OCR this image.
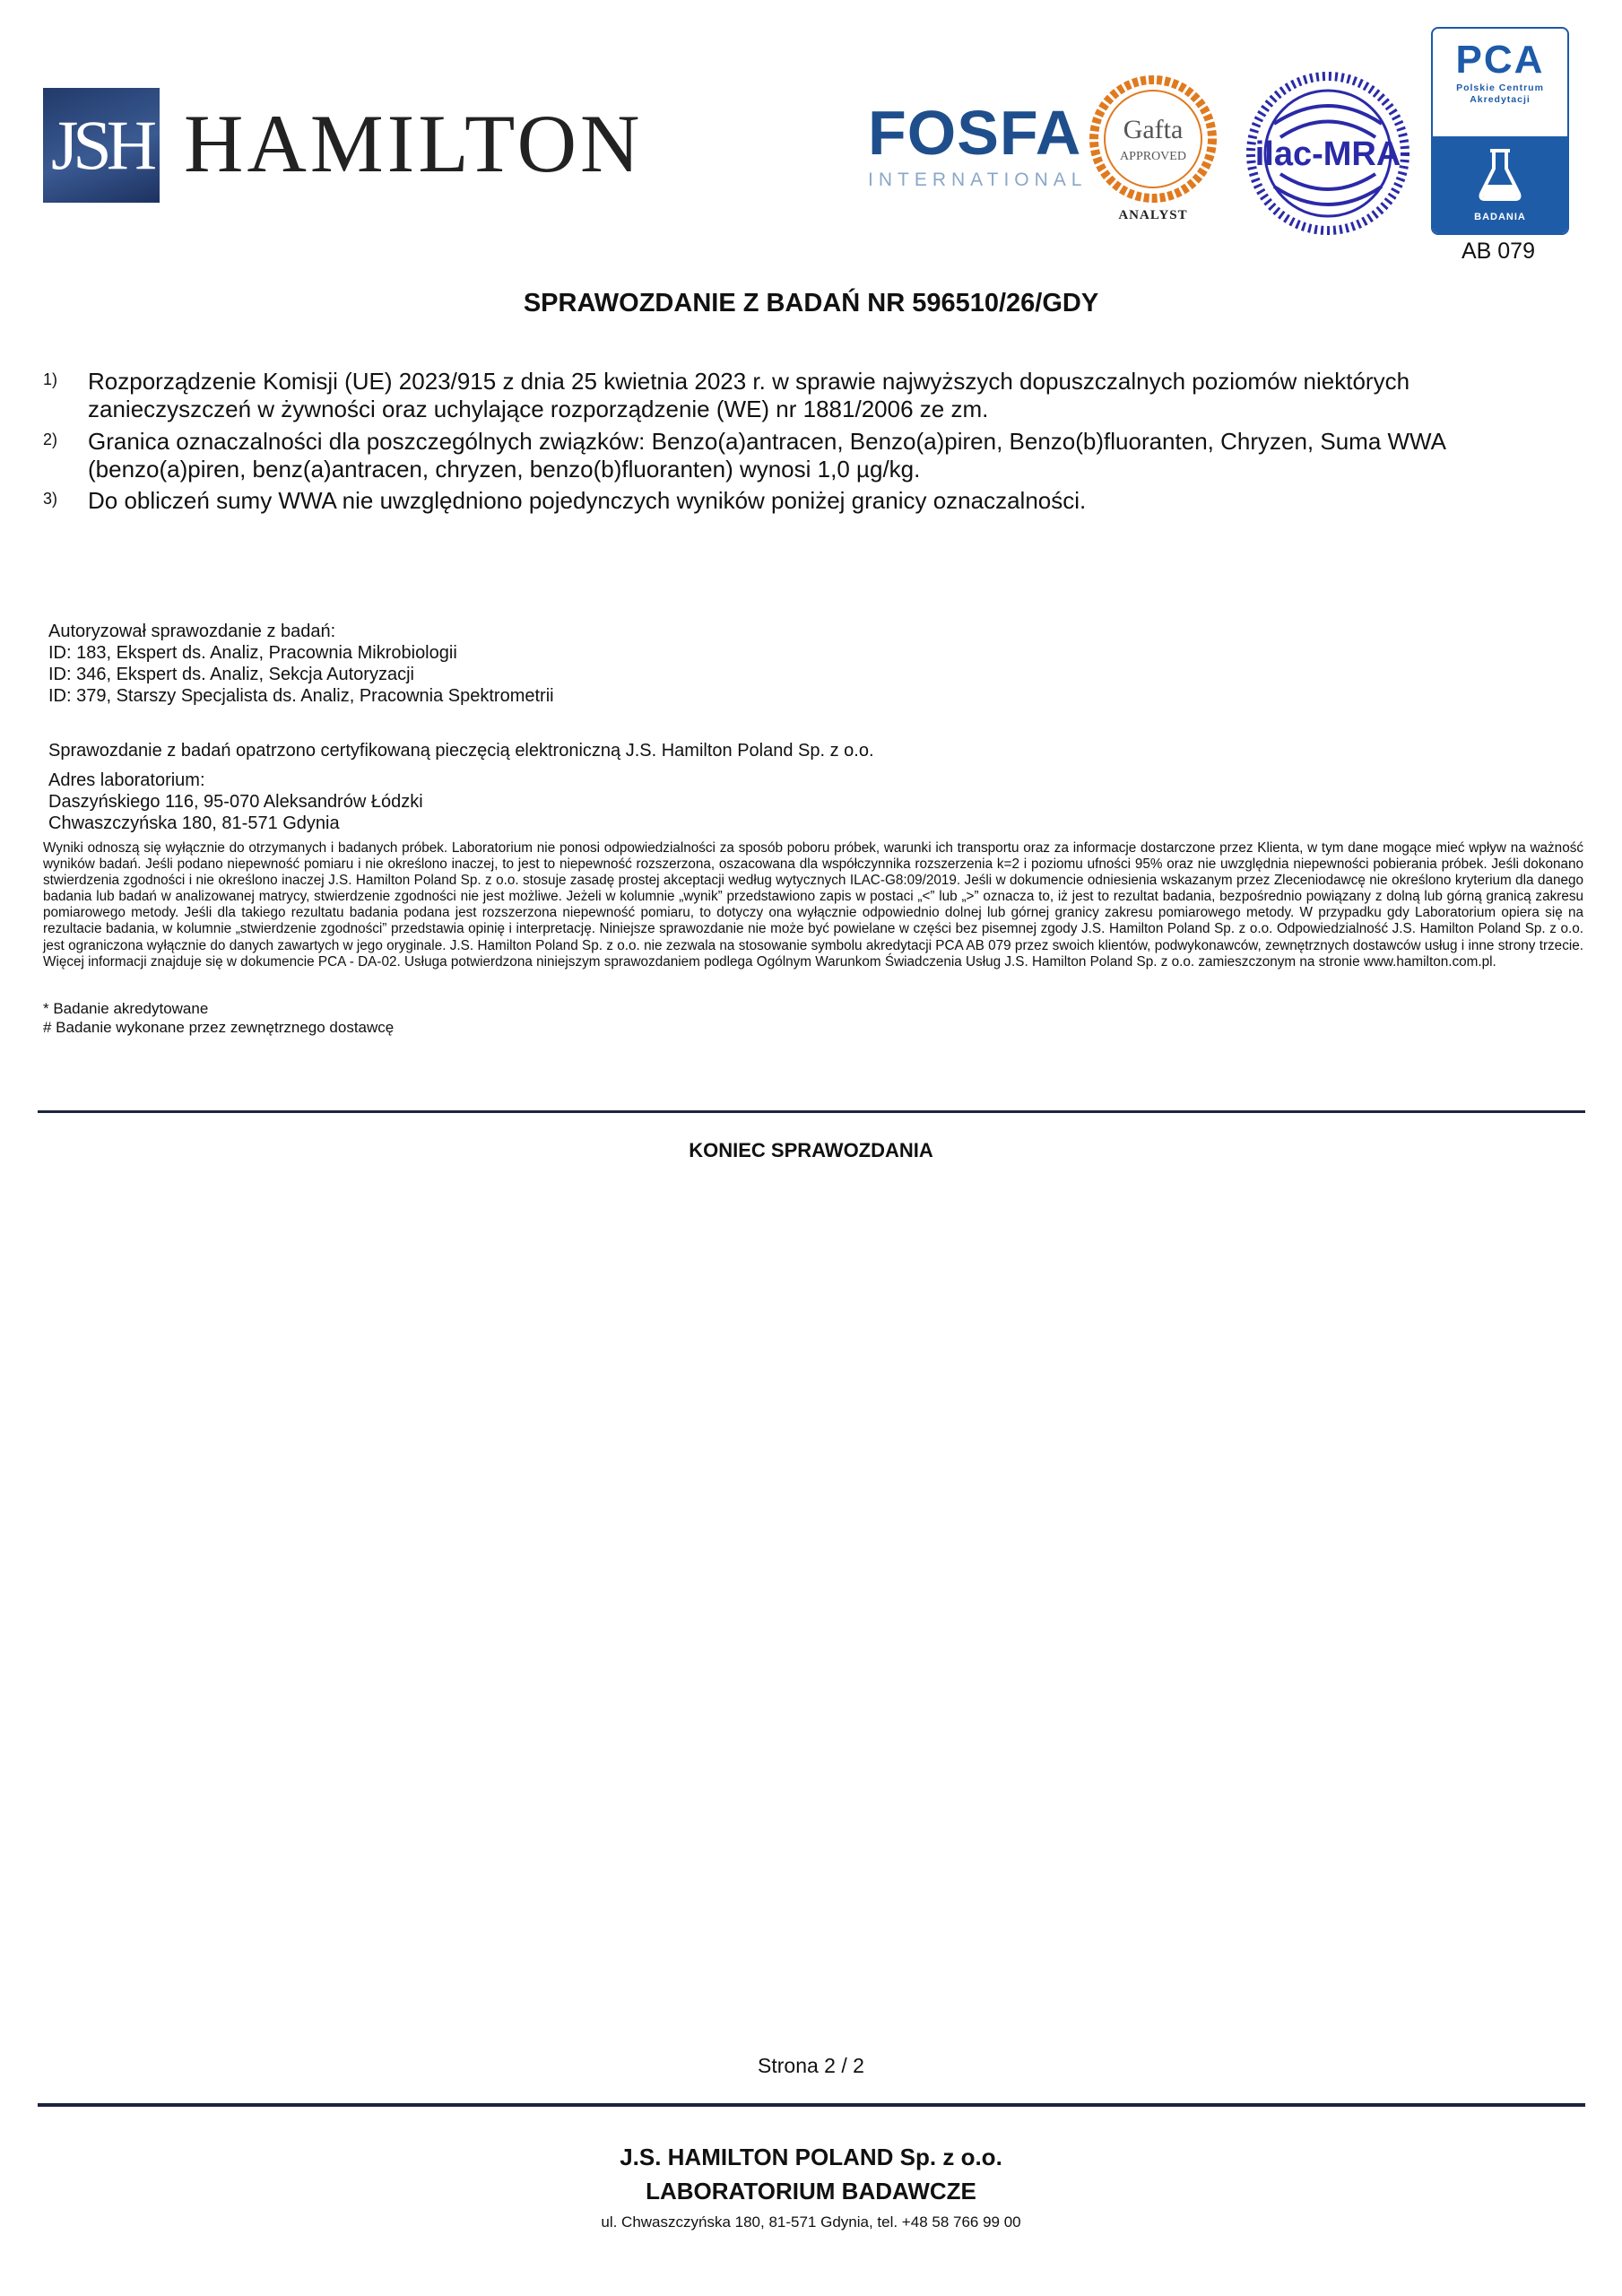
JSH HAMILTON	FOSFA
INTERNATIONAL
Gafta
APPROVED
ANALYST
ilac-MRA
PCA
Polskie Centrum
Akredytacji
BADANIA
AB 079
SPRAWOZDANIE Z BADAŃ NR 596510/26/GDY
1) Rozporządzenie Komisji (UE) 2023/915 z dnia 25 kwietnia 2023 r. w sprawie najwyższych dopuszczalnych poziomów niektórych
zanieczyszczeń w żywności oraz uchylające rozporządzenie (WE) nr 1881/2006 ze zm.
2) Granica oznaczalności dla poszczególnych związków: Benzo(a)antracen, Benzo(a)piren, Benzo(b)fluoranten, Chryzen, Suma WWA
(benzo(a)piren, benz(a)antracen, chryzen, benzo(b)fluoranten) wynosi 1,0 µg/kg.
3) Do obliczeń sumy WWA nie uwzględniono pojedynczych wyników poniżej granicy oznaczalności.
Autoryzował sprawozdanie z badań:
ID: 183, Ekspert ds. Analiz, Pracownia Mikrobiologii
ID: 346, Ekspert ds. Analiz, Sekcja Autoryzacji
ID: 379, Starszy Specjalista ds. Analiz, Pracownia Spektrometrii
Sprawozdanie z badań opatrzono certyfikowaną pieczęcią elektroniczną J.S. Hamilton Poland Sp. z o.o.
Adres laboratorium:
Daszyńskiego 116, 95-070 Aleksandrów Łódzki
Chwaszczyńska 180, 81-571 Gdynia
Wyniki odnoszą się wyłącznie do otrzymanych i badanych próbek. Laboratorium nie ponosi odpowiedzialności za sposób poboru próbek, warunki ich transportu oraz za informacje dostarczone przez Klienta, w tym dane mogące mieć wpływ na ważność wyników badań. Jeśli podano niepewność pomiaru i nie określono inaczej, to jest to niepewność rozszerzona, oszacowana dla współczynnika rozszerzenia k=2 i poziomu ufności 95% oraz nie uwzględnia niepewności pobierania próbek. Jeśli dokonano stwierdzenia zgodności i nie określono inaczej J.S. Hamilton Poland Sp. z o.o. stosuje zasadę prostej akceptacji według wytycznych ILAC-G8:09/2019. Jeśli w dokumencie odniesienia wskazanym przez Zleceniodawcę nie określono kryterium dla danego badania lub badań w analizowanej matrycy, stwierdzenie zgodności nie jest możliwe. Jeżeli w kolumnie „wynik” przedstawiono zapis w postaci „<” lub „>” oznacza to, iż jest to rezultat badania, bezpośrednio powiązany z dolną lub górną granicą zakresu pomiarowego metody. Jeśli dla takiego rezultatu badania podana jest rozszerzona niepewność pomiaru, to dotyczy ona wyłącznie odpowiednio dolnej lub górnej granicy zakresu pomiarowego metody. W przypadku gdy Laboratorium opiera się na rezultacie badania, w kolumnie „stwierdzenie zgodności” przedstawia opinię i interpretację. Niniejsze sprawozdanie nie może być powielane w części bez pisemnej zgody J.S. Hamilton Poland Sp. z o.o. Odpowiedzialność J.S. Hamilton Poland Sp. z o.o. jest ograniczona wyłącznie do danych zawartych w jego oryginale. J.S. Hamilton Poland Sp. z o.o. nie zezwala na stosowanie symbolu akredytacji PCA AB 079 przez swoich klientów, podwykonawców, zewnętrznych dostawców usług i inne strony trzecie. Więcej informacji znajduje się w dokumencie PCA - DA-02. Usługa potwierdzona niniejszym sprawozdaniem podlega Ogólnym Warunkom Świadczenia Usług J.S. Hamilton Poland Sp. z o.o. zamieszczonym na stronie www.hamilton.com.pl.
* Badanie akredytowane
# Badanie wykonane przez zewnętrznego dostawcę
KONIEC SPRAWOZDANIA
Strona 2 / 2
J.S. HAMILTON POLAND Sp. z o.o.
LABORATORIUM BADAWCZE
ul. Chwaszczyńska 180, 81-571 Gdynia, tel. +48 58 766 99 00
